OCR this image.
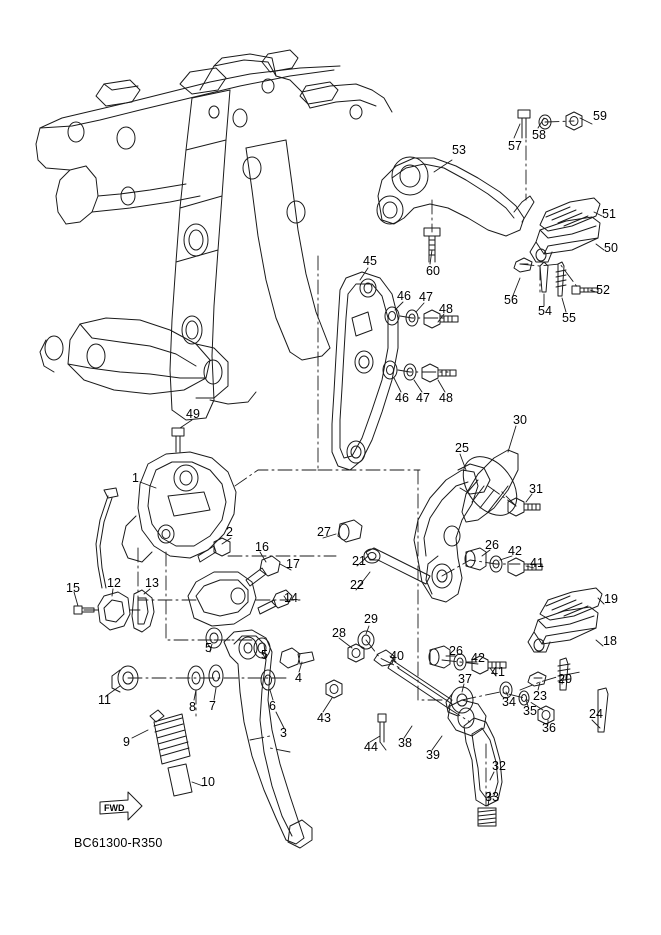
59
57
58
53
51
50
60
52
56
54 55
45
46 47
48
46 47 48
30
25
31
49
1
27
26 42
41
2
16
21
22
17
15 12 13
14	19
18
29
28
5	5	40	26 42
41
11	8 7	6
4	37	20
23
34
35
36
43
9
3
24
44 38
39
32
33
10
FWD
BC61300-R350
